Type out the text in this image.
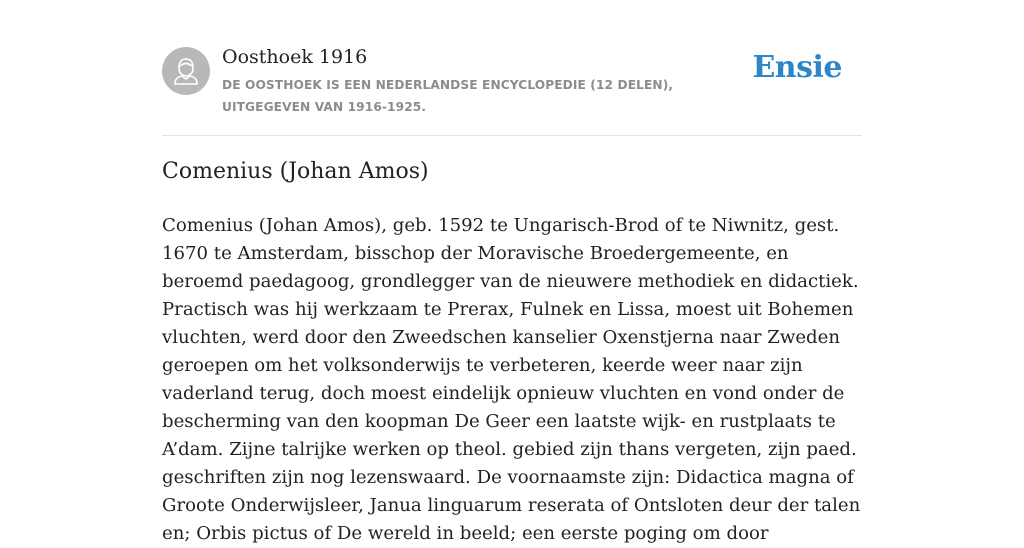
Oosthoek 1916
DE OOSTHOEK IS EEN NEDERLANDSE ENCYCLOPEDIE (12 DELEN), UITGEGEVEN VAN 1916-1925.
Ensie
Comenius (Johan Amos)

Comenius (Johan Amos), geb. 1592 te Ungarisch-Brod of te Niwnitz, gest. 1670 te Amsterdam, bisschop der Moravische Broedergemeente, en beroemd paedagoog, grondlegger van de nieuwere methodiek en didactiek. Practisch was hij werkzaam te Prerax, Fulnek en Lissa, moest uit Bohemen vluchten, werd door den Zweedschen kanselier Oxenstjerna naar Zweden geroepen om het volksonderwijs te verbeteren, keerde weer naar zijn vaderland terug, doch moest eindelijk opnieuw vluchten en vond onder de bescherming van den koopman De Geer een laatste wijk- en rustplaats te A’dam. Zijne talrijke werken op theol. gebied zijn thans vergeten, zijn paed. geschriften zijn nog lezenswaard. De voornaamste zijn: Didactica magna of Groote Onderwijsleer, Janua linguarum reserata of Ontsloten deur der talen en; Orbis pictus of De wereld in beeld; een eerste poging om door
